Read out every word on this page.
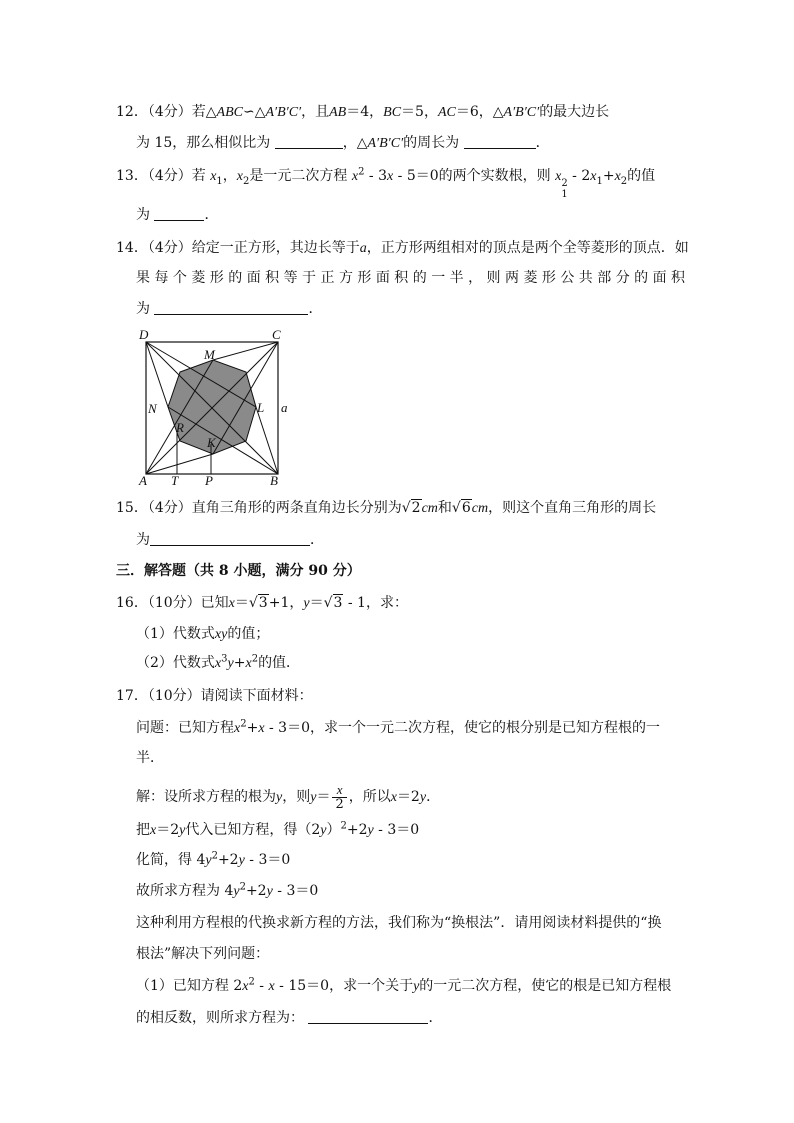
12．（4分）若△ABC∽△A′B′C′，且AB＝4，BC＝5，AC＝6，△A′B′C′的最大边长
为 15，那么相似比为	，△A′B′C′的周长为	．
13．（4分）若 $x_1$，$x_2$是一元二次方程 $x^2 - 3x - 5=0$的两个实数根，则 x 2
1
- $2x_1+x_2$的值
为	．
14．（4分）给定一正方形，其边长等于a，正方形两组相对的顶点是两个全等菱形的顶点．如
果 每 个 菱 形 的 面 积 等 于 正 方 形 面 积 的 一 半 ， 则 两 菱 形 公 共 部 分 的 面 积
为	．
D	C
M
N	L a
R
K
A T P	B
15．（4分）直角三角形的两条直角边长分别为√2cm和√6cm，则这个直角三角形的周长
为	．
三．解答题（共 8 小题，满分 90 分）
16．（10分）已知x＝√3+1，y＝√3 - 1，求：
（1）代数式xy的值；
（2）代数式$x^3y+x^2$的值．
17．（10分）请阅读下面材料：
问题：已知方程$x^2+x - 3=0$，求一个一元二次方程，使它的根分别是已知方程根的一
半．
解：设所求方程的根为y，则$y= \frac{x}{2}$ ，所以x＝2y．
把x＝2y代入已知方程，得$(2y)^2+2y - 3=0$
化简，得 $4y^2+2y - 3=0$
故所求方程为 $4y^2+2y - 3=0$
这种利用方程根的代换求新方程的方法，我们称为“换根法”．请用阅读材料提供的“换
根法”解决下列问题：
（1）已知方程 $2x^2 - x - 15=0$，求一个关于y的一元二次方程，使它的根是已知方程根
的相反数，则所求方程为：	．
